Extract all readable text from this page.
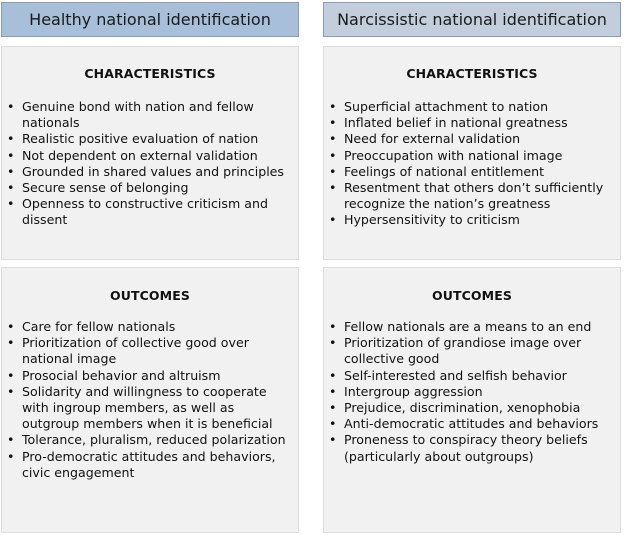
Healthy national identification	Narcissistic national identification
CHARACTERISTICS
• Genuine bond with nation and fellow nationals
• Realistic positive evaluation of nation
• Not dependent on external validation
• Grounded in shared values and principles
• Secure sense of belonging
• Openness to constructive criticism and dissent
CHARACTERISTICS
• Superficial attachment to nation
• Inflated belief in national greatness
• Need for external validation
• Preoccupation with national image
• Feelings of national entitlement
• Resentment that others don’t sufficiently recognize the nation’s greatness
• Hypersensitivity to criticism
OUTCOMES
• Care for fellow nationals
• Prioritization of collective good over national image
• Prosocial behavior and altruism
• Solidarity and willingness to cooperate with ingroup members, as well as outgroup members when it is beneficial
• Tolerance, pluralism, reduced polarization
• Pro-democratic attitudes and behaviors, civic engagement
OUTCOMES
• Fellow nationals are a means to an end
• Prioritization of grandiose image over collective good
• Self-interested and selfish behavior
• Intergroup aggression
• Prejudice, discrimination, xenophobia
• Anti-democratic attitudes and behaviors
• Proneness to conspiracy theory beliefs (particularly about outgroups)
